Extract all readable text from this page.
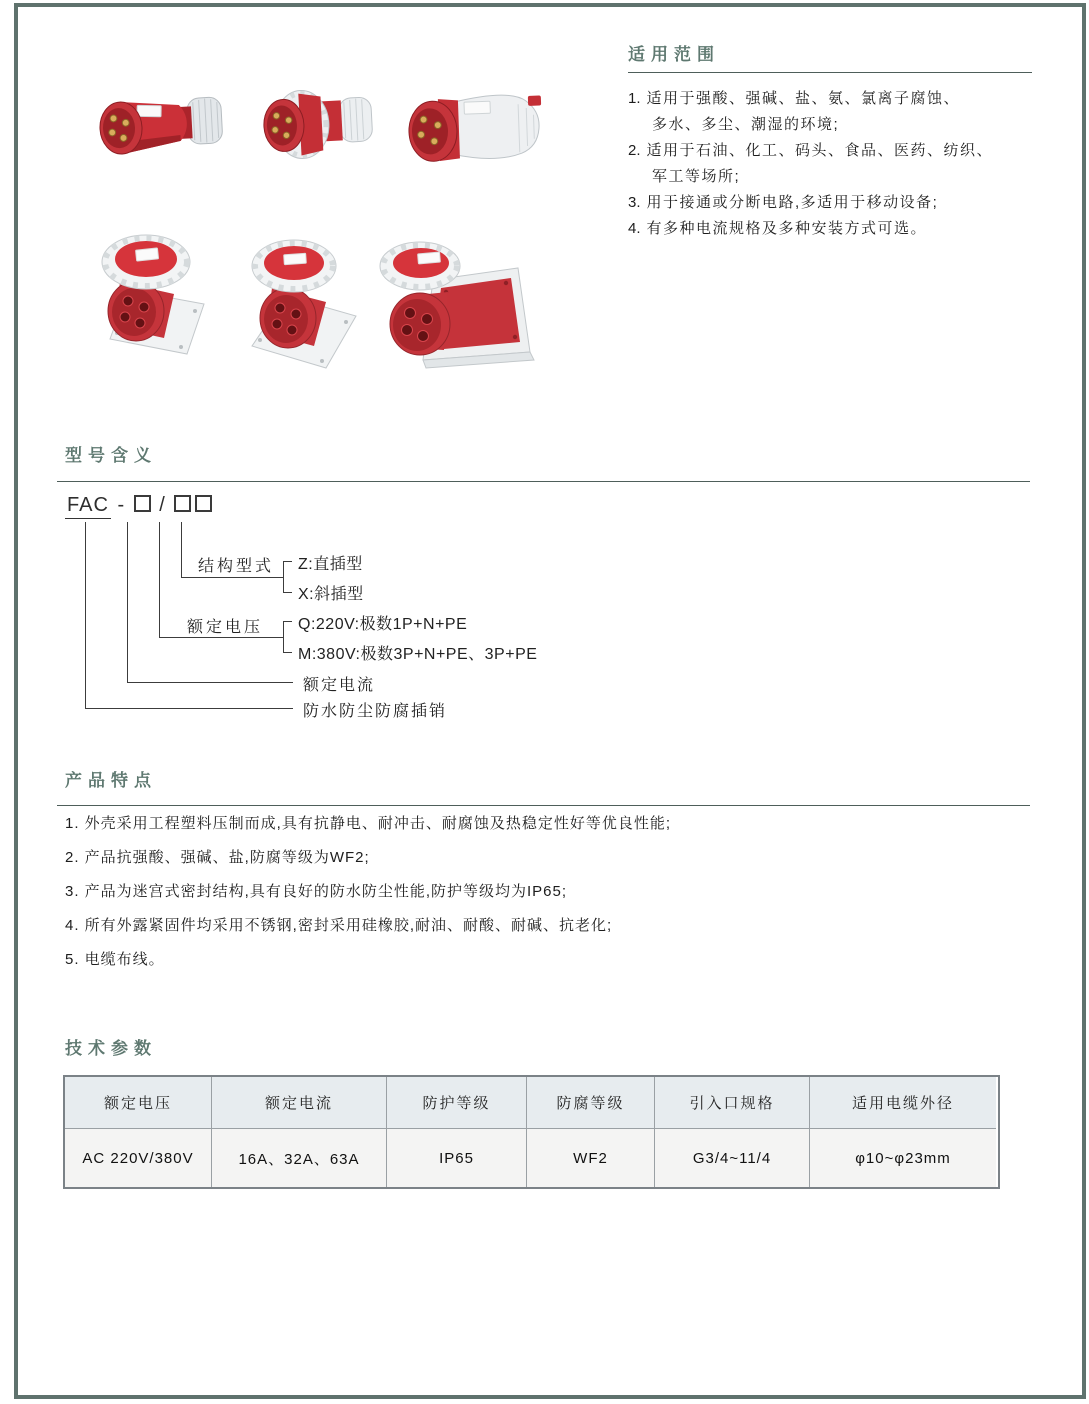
适用范围
1. 适用于强酸、强碱、盐、氨、氯离子腐蚀、
多水、多尘、潮湿的环境;
2. 适用于石油、化工、码头、食品、医药、纺织、
军工等场所;
3. 用于接通或分断电路,多适用于移动设备;
4. 有多种电流规格及多种安装方式可选。
型号含义
FAC - /
结构型式 Z:直插型
X:斜插型
额定电压 Q:220V:极数1P+N+PE
M:380V:极数3P+N+PE、3P+PE
额定电流
防水防尘防腐插销
产品特点
1. 外壳采用工程塑料压制而成,具有抗静电、耐冲击、耐腐蚀及热稳定性好等优良性能;
2. 产品抗强酸、强碱、盐,防腐等级为WF2;
3. 产品为迷宫式密封结构,具有良好的防水防尘性能,防护等级均为IP65;
4. 所有外露紧固件均采用不锈钢,密封采用硅橡胶,耐油、耐酸、耐碱、抗老化;
5. 电缆布线。
技术参数
额定电压	额定电流	防护等级	防腐等级	引入口规格	适用电缆外径
AC 220V/380V	16A、32A、63A	IP65	WF2	G3/4~11/4	φ10~φ23mm
